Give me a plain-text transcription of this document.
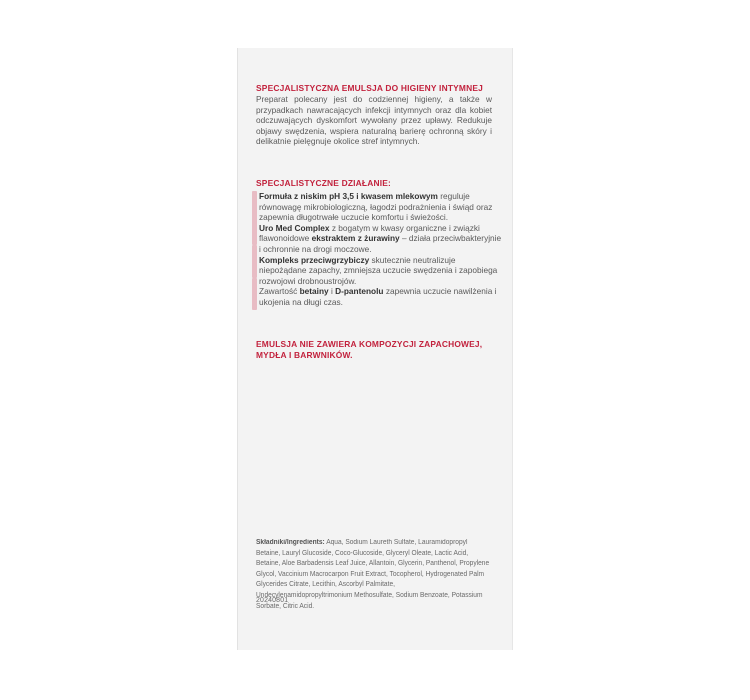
SPECJALISTYCZNA EMULSJA DO HIGIENY INTYMNEJ

Preparat polecany jest do codziennej higieny, a także w przypadkach nawracających infekcji intymnych oraz dla kobiet odczuwających dyskomfort wywołany przez upławy. Redukuje objawy swędzenia, wspiera naturalną barierę ochronną skóry i delikatnie pielęgnuje okolice stref intymnych.

SPECJALISTYCZNE DZIAŁANIE:

Formuła z niskim pH 3,5 i kwasem mlekowym reguluje równowagę mikrobiologiczną, łagodzi podrażnienia i świąd oraz zapewnia długotrwałe uczucie komfortu i świeżości.
Uro Med Complex z bogatym w kwasy organiczne i związki flawonoidowe ekstraktem z żurawiny – działa przeciwbakteryjnie i ochronnie na drogi moczowe.
Kompleks przeciwgrzybiczy skutecznie neutralizuje niepożądane zapachy, zmniejsza uczucie swędzenia i zapobiega rozwojowi drobnoustrojów.
Zawartość betainy i D-pantenolu zapewnia uczucie nawilżenia i ukojenia na długi czas.

EMULSJA NIE ZAWIERA KOMPOZYCJI ZAPACHOWEJ, MYDŁA I BARWNIKÓW.

Składniki/Ingredients: Aqua, Sodium Laureth Sulfate, Lauramidopropyl Betaine, Lauryl Glucoside, Coco-Glucoside, Glyceryl Oleate, Lactic Acid, Betaine, Aloe Barbadensis Leaf Juice, Allantoin, Glycerin, Panthenol, Propylene Glycol, Vaccinium Macrocarpon Fruit Extract, Tocopherol, Hydrogenated Palm Glycerides Citrate, Lecithin, Ascorbyl Palmitate, Undecylenamidopropyltrimonium Methosulfate, Sodium Benzoate, Potassium Sorbate, Citric Acid.

20240801
